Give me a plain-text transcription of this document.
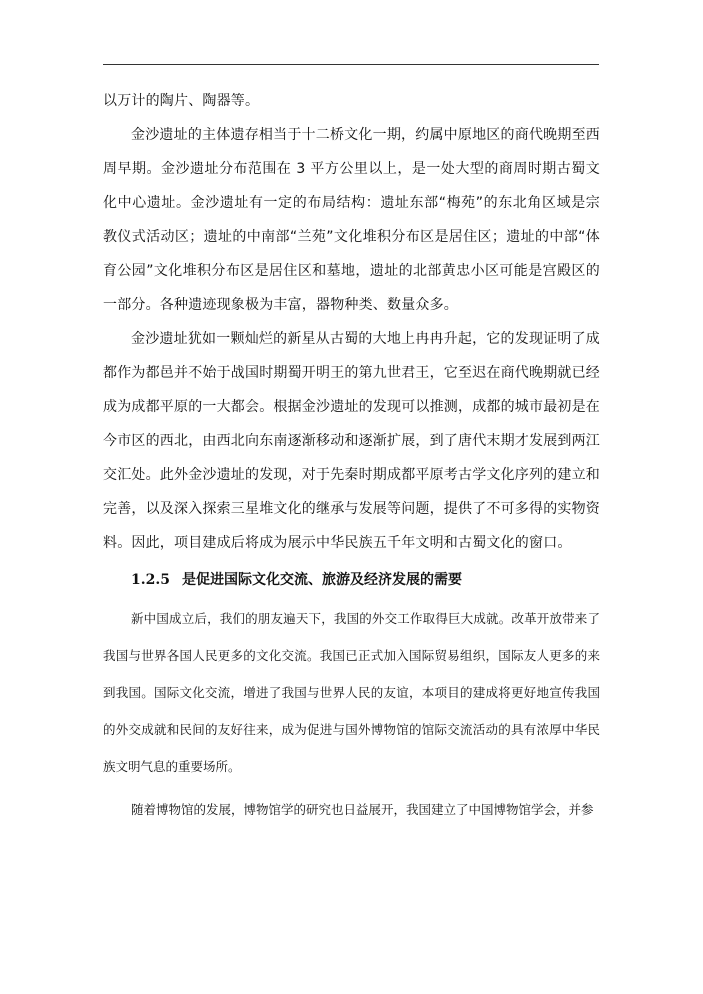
以万计的陶片、陶器等。

金沙遗址的主体遗存相当于十二桥文化一期，约属中原地区的商代晚期至西周早期。金沙遗址分布范围在 3 平方公里以上，是一处大型的商周时期古蜀文化中心遗址。金沙遗址有一定的布局结构：遗址东部“梅苑”的东北角区域是宗教仪式活动区；遗址的中南部“兰苑”文化堆积分布区是居住区；遗址的中部“体育公园”文化堆积分布区是居住区和墓地，遗址的北部黄忠小区可能是宫殿区的一部分。各种遗迹现象极为丰富，器物种类、数量众多。

金沙遗址犹如一颗灿烂的新星从古蜀的大地上冉冉升起，它的发现证明了成都作为都邑并不始于战国时期蜀开明王的第九世君王，它至迟在商代晚期就已经成为成都平原的一大都会。根据金沙遗址的发现可以推测，成都的城市最初是在今市区的西北，由西北向东南逐渐移动和逐渐扩展，到了唐代末期才发展到两江交汇处。此外金沙遗址的发现，对于先秦时期成都平原考古学文化序列的建立和完善，以及深入探索三星堆文化的继承与发展等问题，提供了不可多得的实物资料。因此，项目建成后将成为展示中华民族五千年文明和古蜀文化的窗口。

1.2.5 是促进国际文化交流、旅游及经济发展的需要

新中国成立后，我们的朋友遍天下，我国的外交工作取得巨大成就。改革开放带来了我国与世界各国人民更多的文化交流。我国已正式加入国际贸易组织，国际友人更多的来到我国。国际文化交流，增进了我国与世界人民的友谊，本项目的建成将更好地宣传我国的外交成就和民间的友好往来，成为促进与国外博物馆的馆际交流活动的具有浓厚中华民族文明气息的重要场所。

随着博物馆的发展，博物馆学的研究也日益展开，我国建立了中国博物馆学会，并参
